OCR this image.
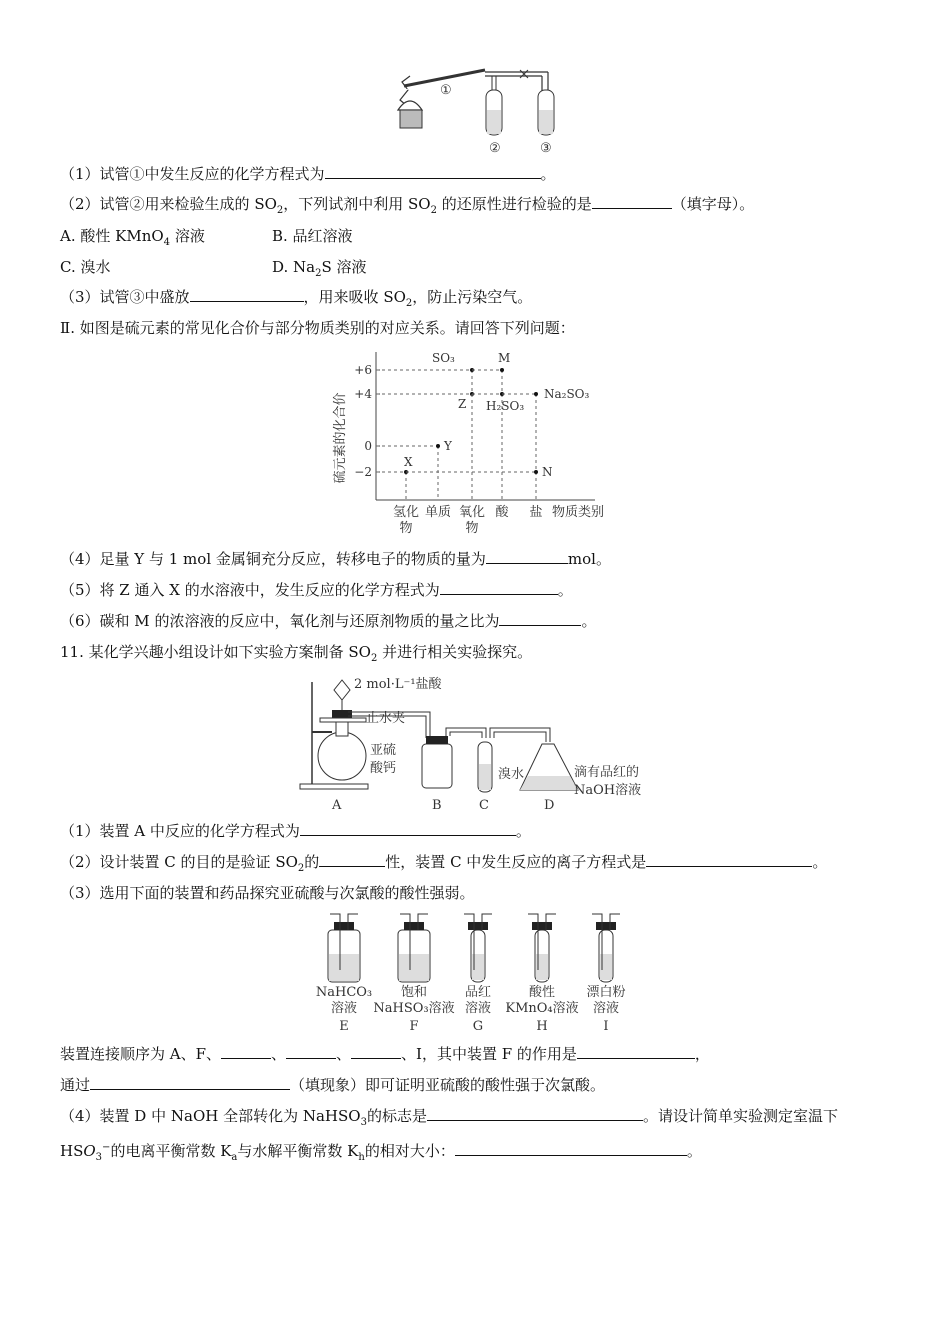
①
②	③
（1）试管①中发生反应的化学方程式为	。
（2）试管②用来检验生成的 $SO_2$，下列试剂中利用 $SO_2$ 的还原性进行检验的是	（填字母）。
A. 酸性 KMnO$_4$ 溶液	B. 品红溶液
C. 溴水	D. $Na_2S$ 溶液
（3）试管③中盛放	，用来吸收 $SO_2$，防止污染空气。
Ⅱ. 如图是硫元素的常见化合价与部分物质类别的对应关系。请回答下列问题：
硫元素的化合价
+6
+4
0
−2
氢化
物
单质 氧化
物
酸 盐 物质类别
X
Y
Z
SO₃	M
H₂SO₃
Na₂SO₃
N
（4）足量 Y 与 1 mol 金属铜充分反应，转移电子的物质的量为	mol。
（5）将 Z 通入 X 的水溶液中，发生反应的化学方程式为	。
（6）碳和 M 的浓溶液的反应中，氧化剂与还原剂物质的量之比为	。
11. 某化学兴趣小组设计如下实验方案制备 $SO_2$ 并进行相关实验探究。
2 mol·L⁻¹盐酸
止水夹
亚硫
酸钙	溴水	滴有品红的
NaOH溶液
A	B	C	D
（1）装置 A 中反应的化学方程式为	。
（2）设计装置 C 的目的是验证 $SO_2$的	性，装置 C 中发生反应的离子方程式是	。
（3）选用下面的装置和药品探究亚硫酸与次氯酸的酸性强弱。
NaHCO₃
溶液
E
饱和
NaHSO₃溶液
F
品红
溶液
G
酸性
KMnO₄溶液
H
漂白粉
溶液
I
装置连接顺序为 A、F、	、	、	、I，其中装置 F 的作用是	，
通过	（填现象）即可证明亚硫酸的酸性强于次氯酸。
（4）装置 D 中 NaOH 全部转化为 NaHSO$_3$的标志是	。请设计简单实验测定室温下
$HSO_3^-$的电离平衡常数 $K_a$与水解平衡常数 $K_h$的相对大小：	。
